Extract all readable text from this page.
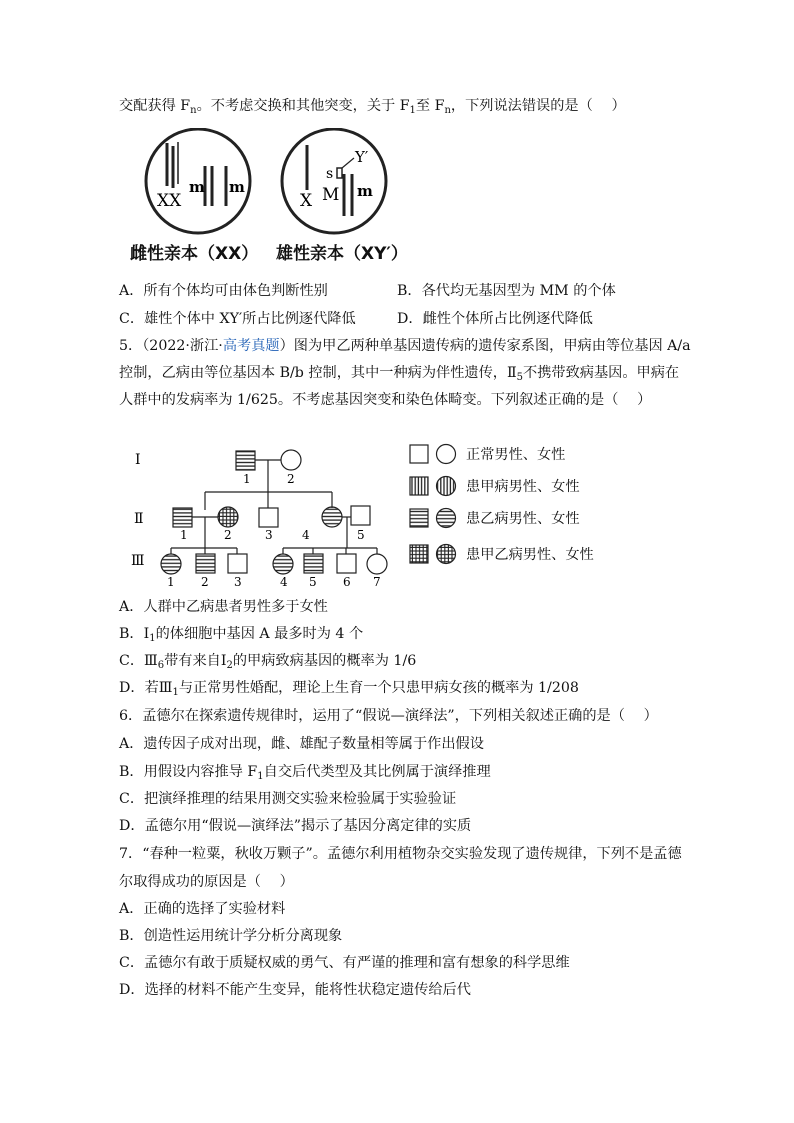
交配获得 $F_n$。不考虑交换和其他突变，关于 $F_1$至 $F_n$，下列说法错误的是（　 ）
XX
m m
X
s
M
Y′
m
雌性亲本（XX） 雄性亲本（XY′）
A．所有个体均可由体色判断性别	B．各代均无基因型为 MM 的个体
C．雄性个体中 XY′所占比例逐代降低	D．雌性个体所占比例逐代降低
5．（2022·浙江·高考真题）图为甲乙两种单基因遗传病的遗传家系图，甲病由等位基因 A/a
控制，乙病由等位基因本 B/b 控制，其中一种病为伴性遗传，$Ⅱ_5$不携带致病基因。甲病在
人群中的发病率为 1/625。不考虑基因突变和染色体畸变。下列叙述正确的是（　 ）
Ⅰ
Ⅱ
Ⅲ
1	2
1	2	3 4	5
1 2 3	4 5 6 7
正常男性、女性
患甲病男性、女性
患乙病男性、女性
患甲乙病男性、女性
A．人群中乙病患者男性多于女性
B．$Ⅰ_1$的体细胞中基因 A 最多时为 4 个
C．$Ⅲ_6$带有来自$Ⅰ_2$的甲病致病基因的概率为 1/6
D．若$Ⅲ_1$与正常男性婚配，理论上生育一个只患甲病女孩的概率为 1/208
6．孟德尔在探索遗传规律时，运用了“假说—演绎法”，下列相关叙述正确的是（　 ）
A．遗传因子成对出现，雌、雄配子数量相等属于作出假设
B．用假设内容推导 $F_1$自交后代类型及其比例属于演绎推理
C．把演绎推理的结果用测交实验来检验属于实验验证
D．孟德尔用“假说—演绎法”揭示了基因分离定律的实质
7．“春种一粒粟，秋收万颗子”。孟德尔利用植物杂交实验发现了遗传规律，下列不是孟德
尔取得成功的原因是（　 ）
A．正确的选择了实验材料
B．创造性运用统计学分析分离现象
C．孟德尔有敢于质疑权威的勇气、有严谨的推理和富有想象的科学思维
D．选择的材料不能产生变异，能将性状稳定遗传给后代
